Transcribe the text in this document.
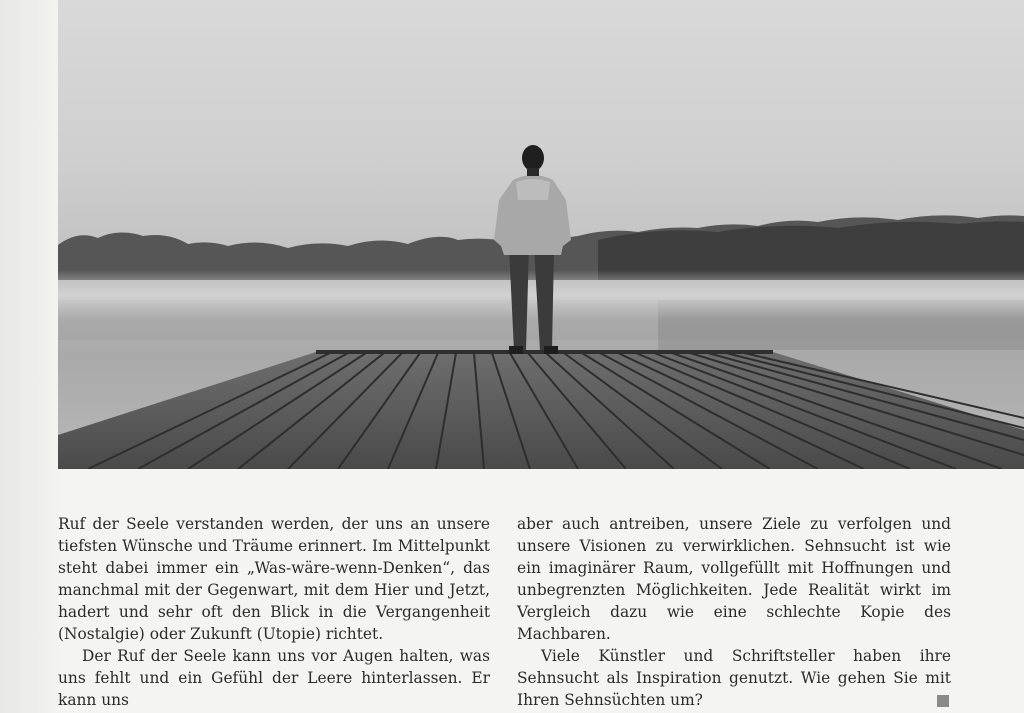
Ruf der Seele verstanden werden, der uns an unsere tiefsten Wünsche und Träume erinnert. Im Mittelpunkt steht dabei immer ein „Was-wäre-wenn-Denken“, das manchmal mit der Gegenwart, mit dem Hier und Jetzt, hadert und sehr oft den Blick in die Vergangenheit (Nostalgie) oder Zukunft (Utopie) richtet.

Der Ruf der Seele kann uns vor Augen halten, was uns fehlt und ein Gefühl der Leere hinterlassen. Er kann uns

aber auch antreiben, unsere Ziele zu verfolgen und unsere Visionen zu verwirklichen. Sehnsucht ist wie ein imaginärer Raum, vollgefüllt mit Hoffnungen und unbegrenzten Möglichkeiten. Jede Realität wirkt im Vergleich dazu wie eine schlechte Kopie des Machbaren.

Viele Künstler und Schriftsteller haben ihre Sehnsucht als Inspiration genutzt. Wie gehen Sie mit Ihren Sehnsüchten um?
